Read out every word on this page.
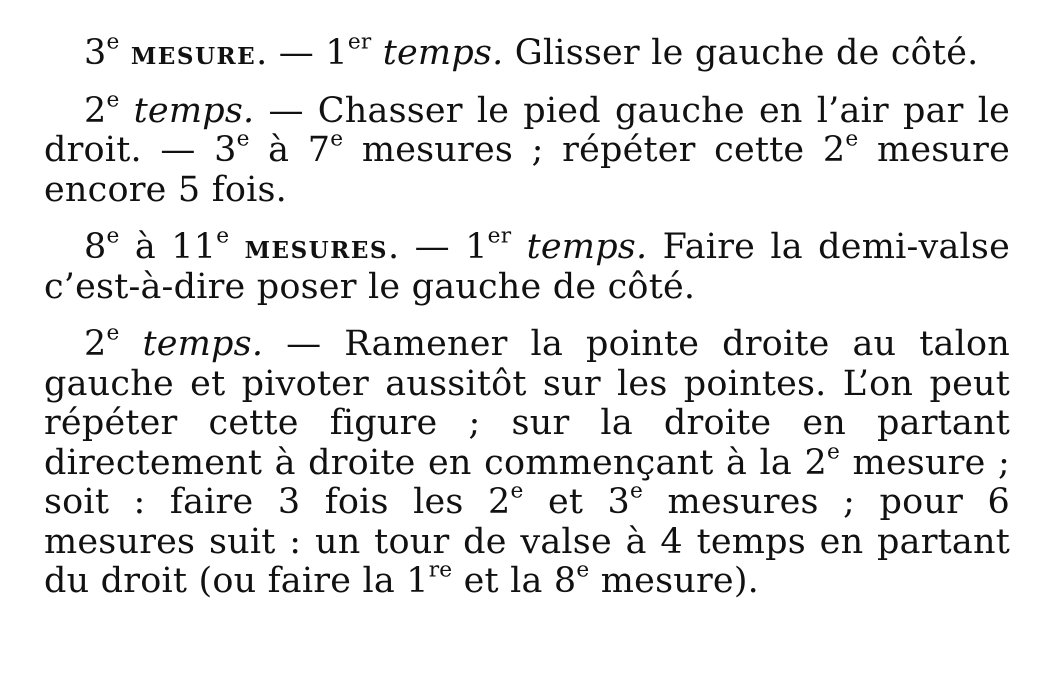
3e mesure. — 1er temps. Glisser le gauche de côté.

2e temps. — Chasser le pied gauche en l’air par le droit. — 3e à 7e mesures ; répéter cette 2e mesure encore 5 fois.

8e à 11e mesures. — 1er temps. Faire la demi-valse c’est-à-dire poser le gauche de côté.

2e temps. — Ramener la pointe droite au talon gauche et pivoter aussitôt sur les pointes. L’on peut répéter cette figure ; sur la droite en partant directement à droite en commençant à la 2e mesure ; soit : faire 3 fois les 2e et 3e mesures ; pour 6 mesures suit : un tour de valse à 4 temps en partant du droit (ou faire la 1re et la 8e mesure).
